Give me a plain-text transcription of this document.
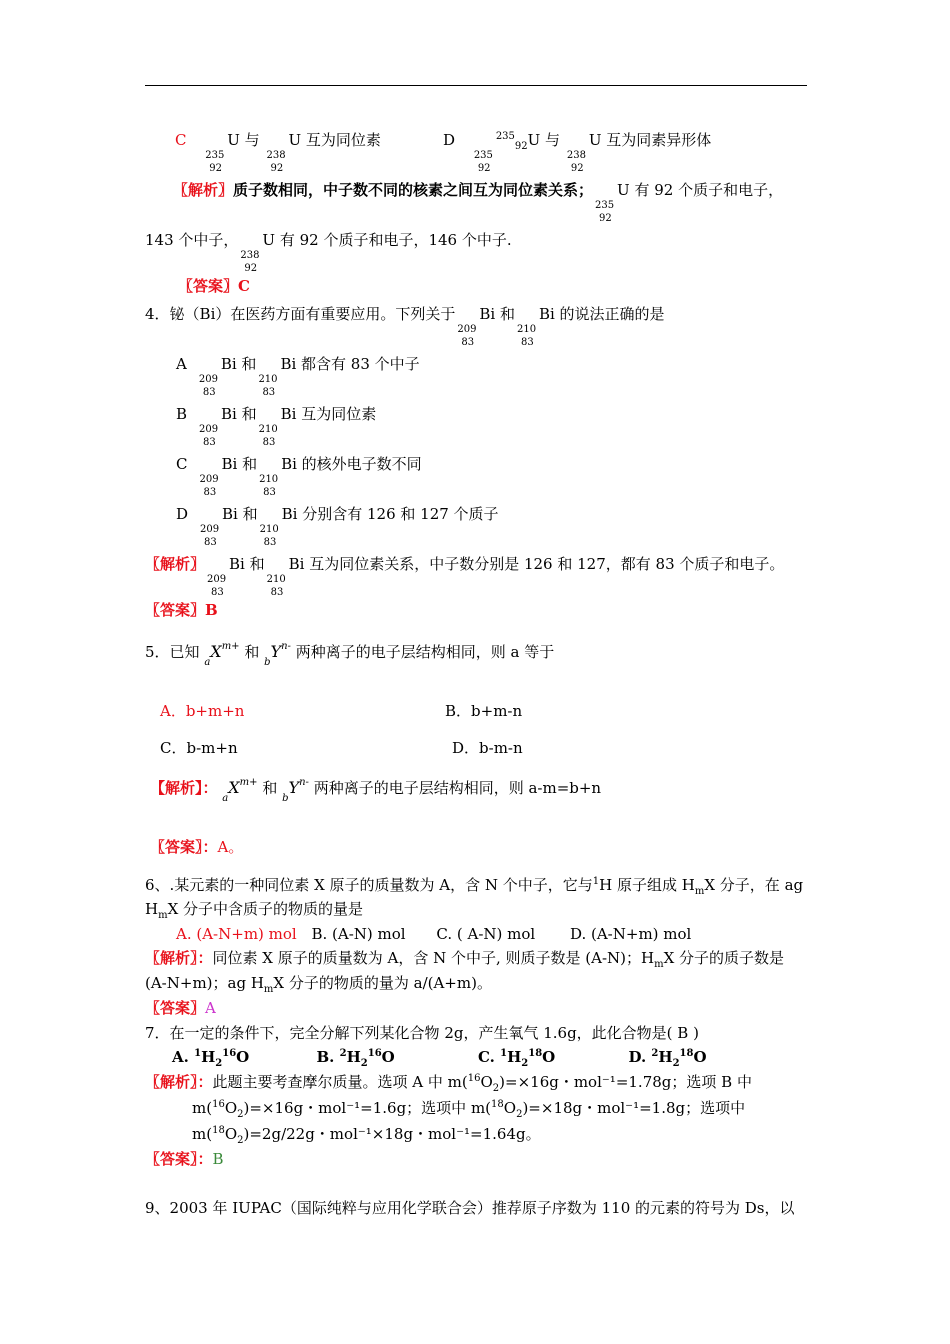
C
235
92
U 与
238
92
U 互为同位素	D
235
92
$^{235}_{92}$U 与
238
92
U 互为同素异形体
〖解析〗质子数相同，中子数不同的核素之间互为同位素关系；
235
92
U 有 92 个质子和电子，
143 个中子，
238
92
U 有 92 个质子和电子，146 个中子.
〖答案〗C
4．铋（Bi）在医药方面有重要应用。下列关于
209
83
Bi 和
210
83
Bi 的说法正确的是
A
209
83
Bi 和
210
83
Bi 都含有 83 个中子
B
209
83
Bi 和
210
83
Bi 互为同位素
C
209
83
Bi 和
210
83
Bi 的核外电子数不同
D
209
83
Bi 和
210
83
Bi 分别含有 126 和 127 个质子
〖解析〗
209
83
Bi 和
210
83
Bi 互为同位素关系，中子数分别是 126 和 127，都有 83 个质子和电子。
〖答案〗B
5．已知 $_aX^{m+}$ 和 $_bY^{n-}$ 两种离子的电子层结构相同，则 a 等于
A．b+m+n	B．b+m-n
C．b-m+n	D．b-m-n
【解析】： $_aX^{m+}$ 和 $_bY^{n-}$ 两种离子的电子层结构相同，则 a-m=b+n
〖答案〗：A。
6、.某元素的一种同位素 X 原子的质量数为 A，含 N 个中子，它与$^1$H 原子组成 $H_mX$ 分子，在 ag
$H_mX$ 分子中含质子的物质的量是
A. (A-N+m) mol B. (A-N) mol C. ( A-N) mol D. (A-N+m) mol
〖解析〗：同位素 X 原子的质量数为 A，含 N 个中子, 则质子数是 (A-N)；$H_mX$ 分子的质子数是
(A-N+m)；ag $H_mX$ 分子的物质的量为 a/(A+m)。
〖答案〗A
7．在一定的条件下，完全分解下列某化合物 2g，产生氧气 1.6g，此化合物是( B )
A. $^1H_2^{16}O$	B. $^2H_2^{16}O$	C. $^1H_2^{18}O$	D. $^2H_2^{18}O$
〖解析〗：此题主要考查摩尔质量。选项 A 中 $m(^{16}O_2)=\times 16g$・mol⁻¹=1.78g；选项 B 中
$m(^{16}O_2)=\times 16g$・mol⁻¹=1.6g；选项中 $m(^{18}O_2)=\times 18g$・mol⁻¹=1.8g；选项中
$m(^{18}O_2)=2g/22g$・mol⁻¹×18g・mol⁻¹=1.64g。
〖答案〗：B
9、2003 年 IUPAC（国际纯粹与应用化学联合会）推荐原子序数为 110 的元素的符号为 Ds，以
